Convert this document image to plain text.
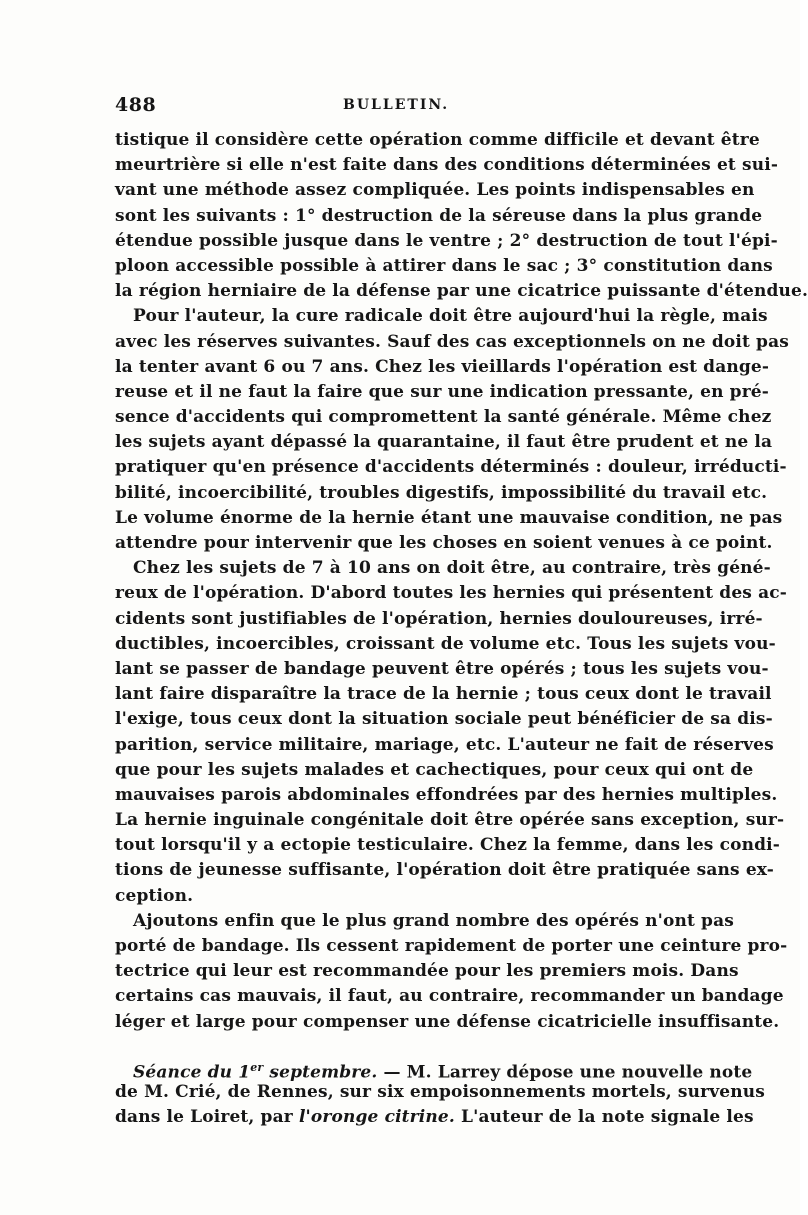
488	BULLETIN.
tistique il considère cette opération comme difficile et devant être
meurtrière si elle n'est faite dans des conditions déterminées et sui-
vant une méthode assez compliquée. Les points indispensables en
sont les suivants : 1° destruction de la séreuse dans la plus grande
étendue possible jusque dans le ventre ; 2° destruction de tout l'épi-
ploon accessible possible à attirer dans le sac ; 3° constitution dans
la région herniaire de la défense par une cicatrice puissante d'étendue.
Pour l'auteur, la cure radicale doit être aujourd'hui la règle, mais
avec les réserves suivantes. Sauf des cas exceptionnels on ne doit pas
la tenter avant 6 ou 7 ans. Chez les vieillards l'opération est dange-
reuse et il ne faut la faire que sur une indication pressante, en pré-
sence d'accidents qui compromettent la santé générale. Même chez
les sujets ayant dépassé la quarantaine, il faut être prudent et ne la
pratiquer qu'en présence d'accidents déterminés : douleur, irréducti-
bilité, incoercibilité, troubles digestifs, impossibilité du travail etc.
Le volume énorme de la hernie étant une mauvaise condition, ne pas
attendre pour intervenir que les choses en soient venues à ce point.
Chez les sujets de 7 à 10 ans on doit être, au contraire, très géné-
reux de l'opération. D'abord toutes les hernies qui présentent des ac-
cidents sont justifiables de l'opération, hernies douloureuses, irré-
ductibles, incoercibles, croissant de volume etc. Tous les sujets vou-
lant se passer de bandage peuvent être opérés ; tous les sujets vou-
lant faire disparaître la trace de la hernie ; tous ceux dont le travail
l'exige, tous ceux dont la situation sociale peut bénéficier de sa dis-
parition, service militaire, mariage, etc. L'auteur ne fait de réserves
que pour les sujets malades et cachectiques, pour ceux qui ont de
mauvaises parois abdominales effondrées par des hernies multiples.
La hernie inguinale congénitale doit être opérée sans exception, sur-
tout lorsqu'il y a ectopie testiculaire. Chez la femme, dans les condi-
tions de jeunesse suffisante, l'opération doit être pratiquée sans ex-
ception.
Ajoutons enfin que le plus grand nombre des opérés n'ont pas
porté de bandage. Ils cessent rapidement de porter une ceinture pro-
tectrice qui leur est recommandée pour les premiers mois. Dans
certains cas mauvais, il faut, au contraire, recommander un bandage
léger et large pour compenser une défense cicatricielle insuffisante.
Séance du 1er septembre. — M. Larrey dépose une nouvelle note
de M. Crié, de Rennes, sur six empoisonnements mortels, survenus
dans le Loiret, par l'oronge citrine. L'auteur de la note signale les
